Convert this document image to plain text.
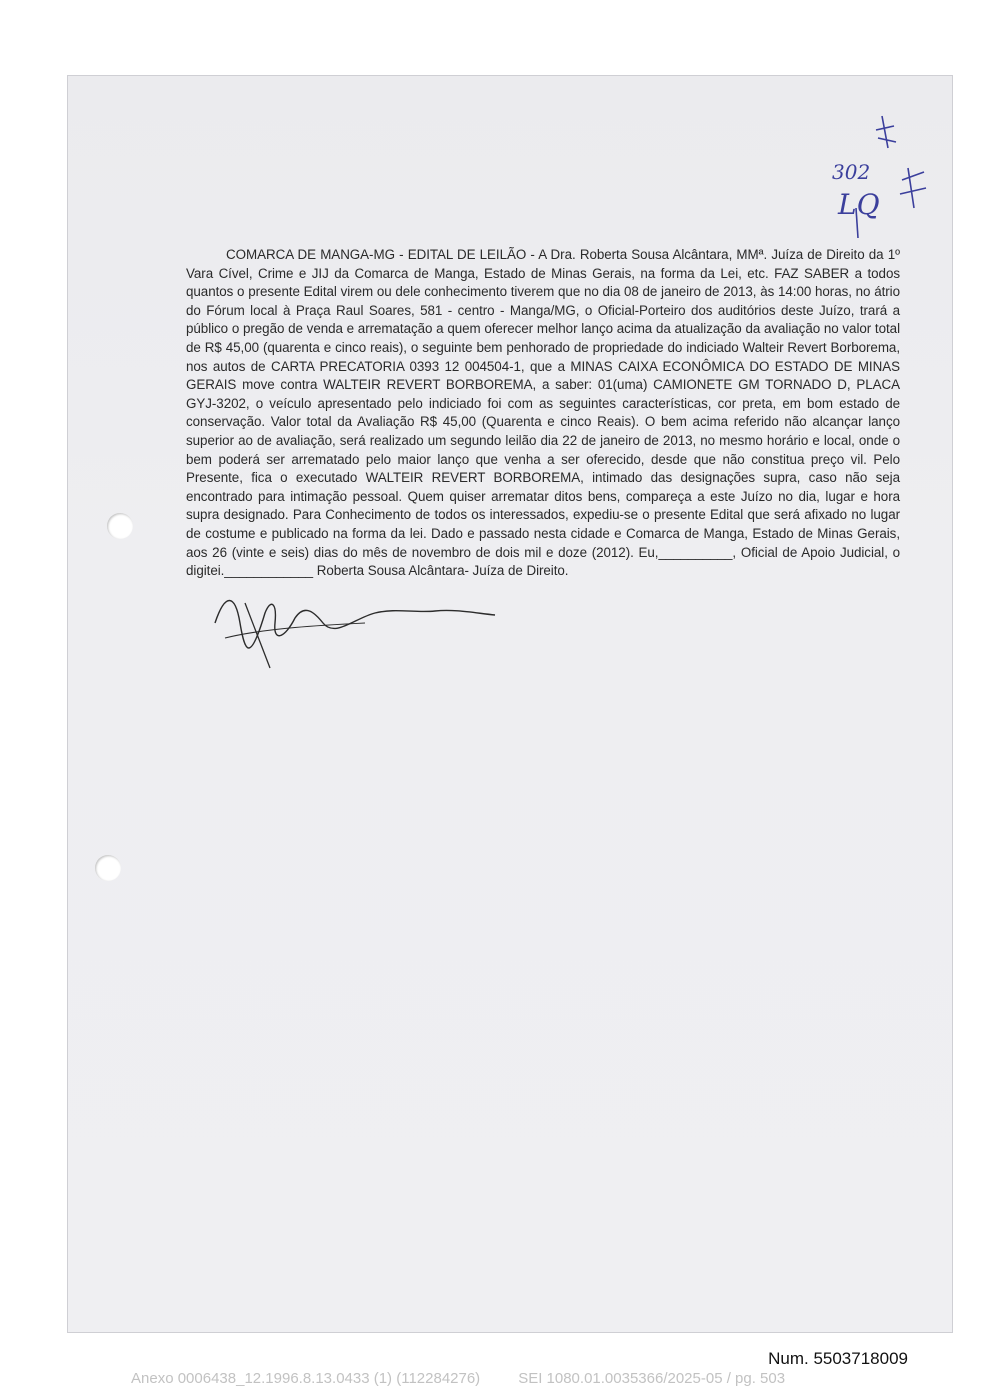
302
LQ

COMARCA DE MANGA-MG - EDITAL DE LEILÃO - A Dra. Roberta Sousa Alcântara, MMª. Juíza de Direito da 1º Vara Cível, Crime e JIJ da Comarca de Manga, Estado de Minas Gerais, na forma da Lei, etc. FAZ SABER a todos quantos o presente Edital virem ou dele conhecimento tiverem que no dia 08 de janeiro de 2013, às 14:00 horas, no átrio do Fórum local à Praça Raul Soares, 581 - centro - Manga/MG, o Oficial-Porteiro dos auditórios deste Juízo, trará a público o pregão de venda e arrematação a quem oferecer melhor lanço acima da atualização da avaliação no valor total de R$ 45,00 (quarenta e cinco reais), o seguinte bem penhorado de propriedade do indiciado Walteir Revert Borborema, nos autos de CARTA PRECATORIA 0393 12 004504-1, que a MINAS CAIXA ECONÔMICA DO ESTADO DE MINAS GERAIS move contra WALTEIR REVERT BORBOREMA, a saber: 01(uma) CAMIONETE GM TORNADO D, PLACA GYJ-3202, o veículo apresentado pelo indiciado foi com as seguintes características, cor preta, em bom estado de conservação. Valor total da Avaliação R$ 45,00 (Quarenta e cinco Reais). O bem acima referido não alcançar lanço superior ao de avaliação, será realizado um segundo leilão dia 22 de janeiro de 2013, no mesmo horário e local, onde o bem poderá ser arrematado pelo maior lanço que venha a ser oferecido, desde que não constitua preço vil. Pelo Presente, fica o executado WALTEIR REVERT BORBOREMA, intimado das designações supra, caso não seja encontrado para intimação pessoal. Quem quiser arrematar ditos bens, compareça a este Juízo no dia, lugar e hora supra designado. Para Conhecimento de todos os interessados, expediu-se o presente Edital que será afixado no lugar de costume e publicado na forma da lei. Dado e passado nesta cidade e Comarca de Manga, Estado de Minas Gerais, aos 26 (vinte e seis) dias do mês de novembro de dois mil e doze (2012). Eu,__________, Oficial de Apoio Judicial, o digitei.____________ Roberta Sousa Alcântara- Juíza de Direito.

Num. 5503718009
Anexo 0006438_12.1996.8.13.0433 (1) (112284276)	SEI 1080.01.0035366/2025-05 / pg. 503
